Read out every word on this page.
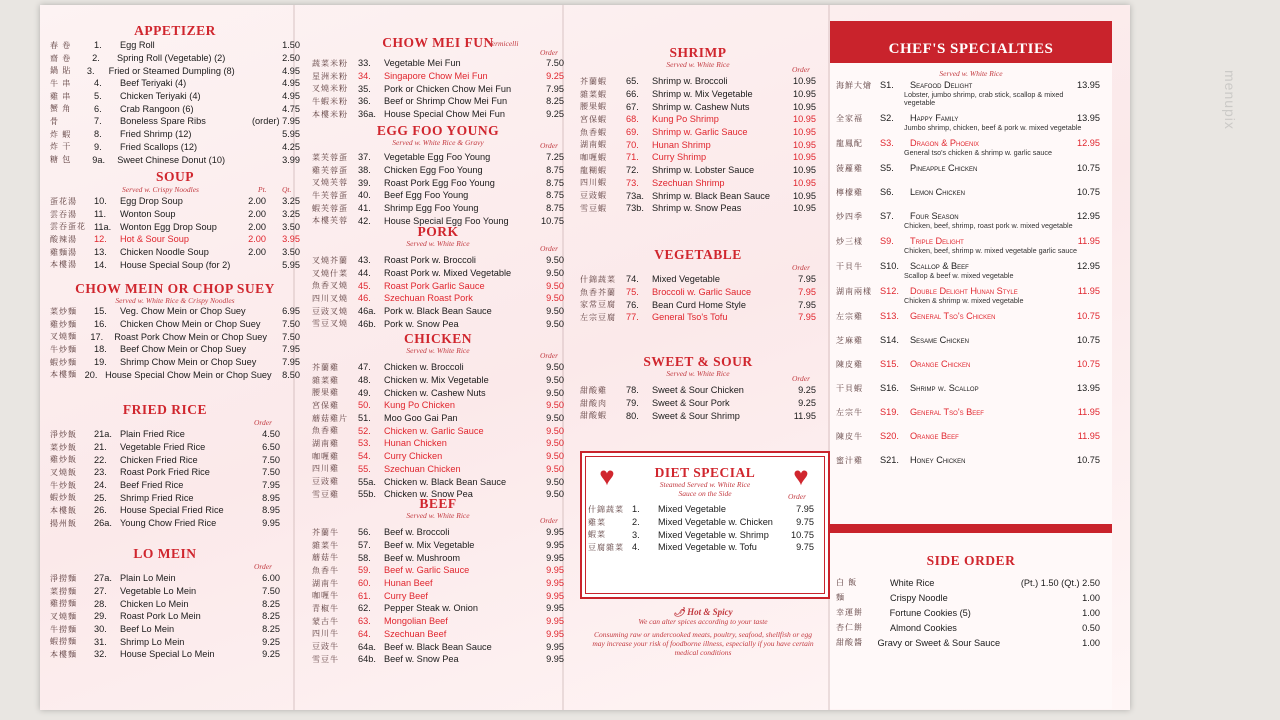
APPETIZER
春 卷	1.	Egg Roll	1.50
齋 卷	2.	Spring Roll (Vegetable) (2)	2.50
鍋 貼	3.	Fried or Steamed Dumpling (8)	4.95
牛 串	4.	Beef Teriyaki (4)	4.95
雞 串	5.	Chicken Teriyaki (4)	4.95
蟹 角	6.	Crab Rangoon (6)	4.75
骨	7.	Boneless Spare Ribs	(order) 7.95
炸 蝦	8.	Fried Shrimp (12)	5.95
炸 干	9.	Fried Scallops (12)	4.25
糖 包	9a.	Sweet Chinese Donut (10)	3.99
SOUP
Served w. Crispy Noodles	Pt. Qt.
蛋花湯	10.	Egg Drop Soup	2.00	3.25
雲吞湯	11.	Wonton Soup	2.00	3.25
雲吞蛋花 11a. Wonton Egg Drop Soup	2.00	3.50
酸辣湯	12.	Hot & Sour Soup	2.00	3.95
雞麵湯	13.	Chicken Noodle Soup	2.00	3.50
本樓湯	14.	House Special Soup (for 2)	5.95
CHOW MEIN OR CHOP SUEY
Served w. White Rice & Crispy Noodles
菜炒麵	15.	Veg. Chow Mein or Chop Suey	6.95
雞炒麵	16.	Chicken Chow Mein or Chop Suey	7.50
叉燒麵	17.	Roast Pork Chow Mein or Chop Suey	7.50
牛炒麵	18.	Beef Chow Mein or Chop Suey	7.95
蝦炒麵	19.	Shrimp Chow Mein or Chop Suey	7.95
本樓麵 20. House Special Chow Mein or Chop Suey	8.50
FRIED RICE
Order
淨炒飯	21a. Plain Fried Rice	4.50
菜炒飯	21.	Vegetable Fried Rice	6.50
雞炒飯	22.	Chicken Fried Rice	7.50
叉燒飯	23.	Roast Pork Fried Rice	7.50
牛炒飯	24.	Beef Fried Rice	7.95
蝦炒飯	25.	Shrimp Fried Rice	8.95
本樓飯	26.	House Special Fried Rice	8.95
揚州飯	26a. Young Chow Fried Rice	9.95
LO MEIN
Order
淨撈麵	27a. Plain Lo Mein	6.00
菜撈麵	27.	Vegetable Lo Mein	7.50
雞撈麵	28.	Chicken Lo Mein	8.25
叉燒麵	29.	Roast Pork Lo Mein	8.25
牛撈麵	30.	Beef Lo Mein	8.25
蝦撈麵	31.	Shrimp Lo Mein	9.25
本樓麵	32.	House Special Lo Mein	9.25
CHOW MEI FUN
Vermicelli
Order
蔬菜米粉	33.	Vegetable Mei Fun	7.50
星洲米粉	34.	Singapore Chow Mei Fun	9.25
叉燒米粉	35.	Pork or Chicken Chow Mei Fun	7.95
牛蝦米粉	36.	Beef or Shrimp Chow Mei Fun	8.25
本樓米粉	36a. House Special Chow Mei Fun	9.25
EGG FOO YOUNG
Served w. White Rice & Gravy	Order
菜芙蓉蛋	37.	Vegetable Egg Foo Young	7.25
雞芙蓉蛋	38.	Chicken Egg Foo Young	8.75
叉燒芙蓉	39.	Roast Pork Egg Foo Young	8.75
牛芙蓉蛋	40.	Beef Egg Foo Young	8.75
蝦芙蓉蛋	41.	Shrimp Egg Foo Young	8.75
本樓芙蓉	42.	House Special Egg Foo Young	10.75
PORK
Served w. White Rice
Order
叉燒芥蘭	43.	Roast Pork w. Broccoli	9.50
叉燒什菜	44.	Roast Pork w. Mixed Vegetable	9.50
魚香叉燒	45.	Roast Pork Garlic Sauce	9.50
四川叉燒	46.	Szechuan Roast Pork	9.50
豆豉叉燒	46a. Pork w. Black Bean Sauce	9.50
雪豆叉燒	46b. Pork w. Snow Pea	9.50
CHICKEN
Served w. White Rice
Order
芥蘭雞	47.	Chicken w. Broccoli	9.50
雜菜雞	48.	Chicken w. Mix Vegetable	9.50
腰果雞	49.	Chicken w. Cashew Nuts	9.50
宮保雞	50.	Kung Po Chicken	9.50
蘑菇雞片	51.	Moo Goo Gai Pan	9.50
魚香雞	52.	Chicken w. Garlic Sauce	9.50
湖南雞	53.	Hunan Chicken	9.50
咖喱雞	54.	Curry Chicken	9.50
四川雞	55.	Szechuan Chicken	9.50
豆豉雞	55a. Chicken w. Black Bean Sauce	9.50
雪豆雞	55b. Chicken w. Snow Pea	9.50
BEEF
Served w. White Rice
Order
芥蘭牛	56.	Beef w. Broccoli	9.95
雜菜牛	57.	Beef w. Mix Vegetable	9.95
蘑菇牛	58.	Beef w. Mushroom	9.95
魚香牛	59.	Beef w. Garlic Sauce	9.95
湖南牛	60.	Hunan Beef	9.95
咖喱牛	61.	Curry Beef	9.95
青椒牛	62.	Pepper Steak w. Onion	9.95
蒙古牛	63.	Mongolian Beef	9.95
四川牛	64.	Szechuan Beef	9.95
豆豉牛	64a. Beef w. Black Bean Sauce	9.95
雪豆牛	64b. Beef w. Snow Pea	9.95
SHRIMP
Served w. White Rice
Order
芥蘭蝦	65.	Shrimp w. Broccoli	10.95
雜菜蝦	66.	Shrimp w. Mix Vegetable	10.95
腰果蝦	67.	Shrimp w. Cashew Nuts	10.95
宮保蝦	68.	Kung Po Shrimp	10.95
魚香蝦	69.	Shrimp w. Garlic Sauce	10.95
湖南蝦	70.	Hunan Shrimp	10.95
咖喱蝦	71.	Curry Shrimp	10.95
龍糊蝦	72.	Shrimp w. Lobster Sauce	10.95
四川蝦	73.	Szechuan Shrimp	10.95
豆豉蝦	73a. Shrimp w. Black Bean Sauce	10.95
雪豆蝦	73b. Shrimp w. Snow Peas	10.95
VEGETABLE
Order
什錦蔬菜	74.	Mixed Vegetable	7.95
魚香芥蘭	75.	Broccoli w. Garlic Sauce	7.95
家常豆腐	76.	Bean Curd Home Style	7.95
左宗豆腐	77.	General Tso's Tofu	7.95
SWEET & SOUR
Served w. White Rice
Order
甜酸雞	78.	Sweet & Sour Chicken	9.25
甜酸肉	79.	Sweet & Sour Pork	9.25
甜酸蝦	80.	Sweet & Sour Shrimp	11.95
♥	♥
DIET SPECIAL
Steamed Served w. White Rice
Sauce on the Side	Order
什錦蔬菜 1.	Mixed Vegetable	7.95
雞菜	2.	Mixed Vegetable w. Chicken	9.75
蝦菜	3.	Mixed Vegetable w. Shrimp	10.75
豆腐雜菜 4.	Mixed Vegetable w. Tofu	9.75
🌶 Hot & Spicy
We can alter spices according to your taste
Consuming raw or undercooked meats, poultry, seafood, shellfish or egg may increase your risk of foodborne illness, especially if you have certain medical conditions
CHEF'S SPECIALTIES
Served w. White Rice
海鮮大燴 S1.	Seafood Delight	13.95
Lobster, jumbo shrimp, crab stick, scallop & mixed vegetable
全家福	S2.	Happy Family	13.95
Jumbo shrimp, chicken, beef & pork w. mixed vegetable
龍鳳配	S3.	Dragon & Phoenix	12.95
General tso's chicken & shrimp w. garlic sauce
菠蘿雞	S5.	Pineapple Chicken	10.75
檸檬雞	S6.	Lemon Chicken	10.75
炒四季	S7.	Four Season	12.95
Chicken, beef, shrimp, roast pork w. mixed vegetable
炒三樣	S9.	Triple Delight	11.95
Chicken, beef, shrimp w. mixed vegetable garlic sauce
干貝牛	S10.	Scallop & Beef	12.95
Scallop & beef w. mixed vegetable
湖南兩樣 S12.	Double Delight Hunan Style	11.95
Chicken & shrimp w. mixed vegetable
左宗雞	S13.	General Tso's Chicken	10.75
芝麻雞	S14.	Sesame Chicken	10.75
陳皮雞	S15.	Orange Chicken	10.75
干貝蝦	S16.	Shrimp w. Scallop	13.95
左宗牛	S19.	General Tso's Beef	11.95
陳皮牛	S20.	Orange Beef	11.95
蜜汁雞	S21.	Honey Chicken	10.75
SIDE ORDER
白 飯	White Rice	(Pt.) 1.50 (Qt.) 2.50
麵	Crispy Noodle	1.00
幸運餅	Fortune Cookies (5)	1.00
杏仁餅	Almond Cookies	0.50
甜酸醬	Gravy or Sweet & Sour Sauce	1.00
menupix
